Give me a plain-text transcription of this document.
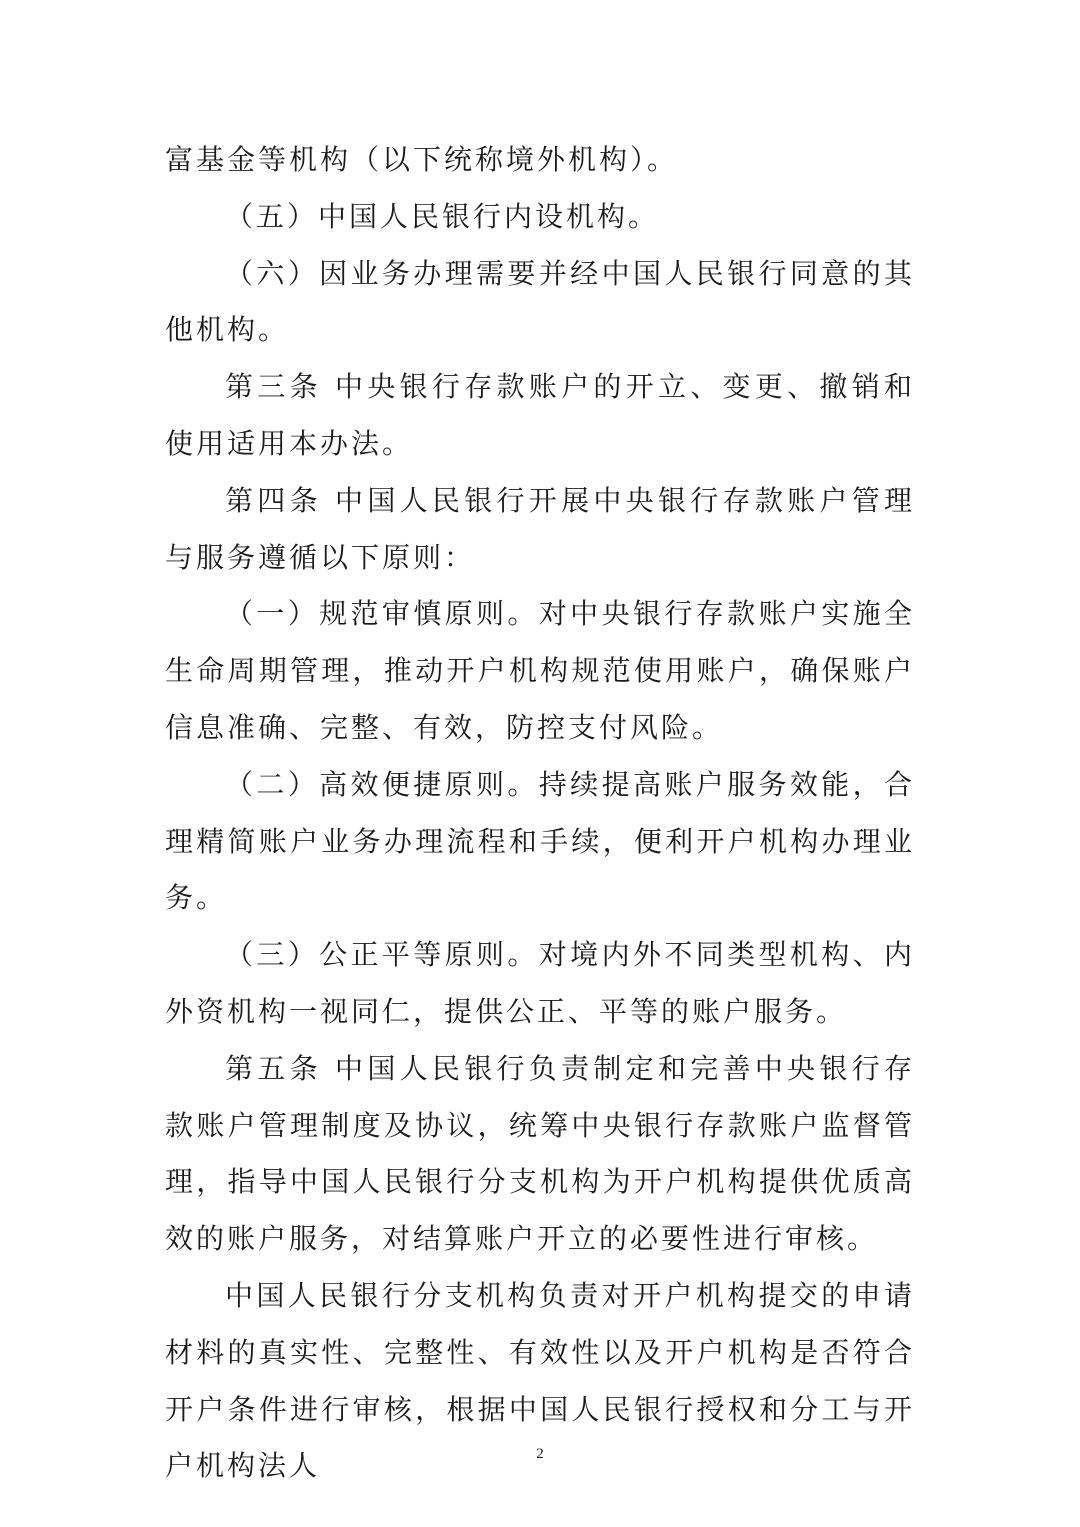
富基金等机构（以下统称境外机构）。

（五）中国人民银行内设机构。

（六）因业务办理需要并经中国人民银行同意的其他机构。

第三条 中央银行存款账户的开立、变更、撤销和使用适用本办法。

第四条 中国人民银行开展中央银行存款账户管理与服务遵循以下原则：

（一）规范审慎原则。对中央银行存款账户实施全生命周期管理，推动开户机构规范使用账户，确保账户信息准确、完整、有效，防控支付风险。

（二）高效便捷原则。持续提高账户服务效能，合理精简账户业务办理流程和手续，便利开户机构办理业务。

（三）公正平等原则。对境内外不同类型机构、内外资机构一视同仁，提供公正、平等的账户服务。

第五条 中国人民银行负责制定和完善中央银行存款账户管理制度及协议，统筹中央银行存款账户监督管理，指导中国人民银行分支机构为开户机构提供优质高效的账户服务，对结算账户开立的必要性进行审核。

中国人民银行分支机构负责对开户机构提交的申请材料的真实性、完整性、有效性以及开户机构是否符合开户条件进行审核，根据中国人民银行授权和分工与开户机构法人	2
